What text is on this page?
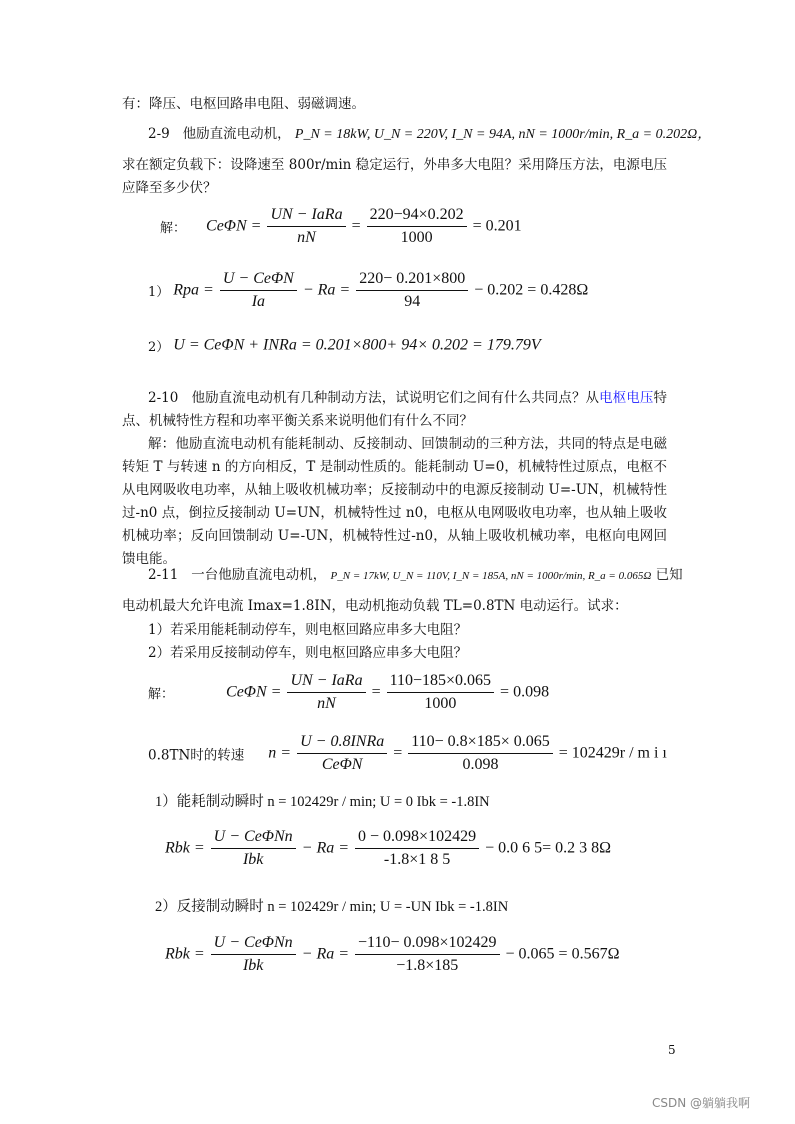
有：降压、电枢回路串电阻、弱磁调速。
2-9 他励直流电动机， P_N = 18kW, U_N = 220V, I_N = 94A, nN = 1000r/min, R_a = 0.202Ω，
求在额定负载下：设降速至 800r/min 稳定运行，外串多大电阻？采用降压方法，电源电压应降至多少伏？
解： $Ce\Phi N = \frac{\text{UN − IaRa}}{nN} = \frac{220-94\times 0.202}{1000} = 0.201$
1） Rpa = $\frac{\text{U − CeΦN}}{Ia} - Ra = \frac{220- 0.201\times 800}{94} - 0.202 = 0.428\Omega$
2） U = CeΦN + INRa = 0.201×800+ 94× 0.202 = 179.79V
2-10 他励直流电动机有几种制动方法，试说明它们之间有什么共同点？从电枢电压特点、机械特性方程和功率平衡关系来说明他们有什么不同？
解：他励直流电动机有能耗制动、反接制动、回馈制动的三种方法，共同的特点是电磁转矩 T 与转速 n 的方向相反，T 是制动性质的。能耗制动 U=0，机械特性过原点，电枢不从电网吸收电功率，从轴上吸收机械功率；反接制动中的电源反接制动 U=-UN，机械特性过-n0 点，倒拉反接制动 U=UN，机械特性过 n0，电枢从电网吸收电功率，也从轴上吸收机械功率；反向回馈制动 U=-UN，机械特性过-n0，从轴上吸收机械功率，电枢向电网回馈电能。
2-11 一台他励直流电动机， P_N = 17kW, U_N = 110V, I_N = 185A, nN = 1000r/min, R_a = 0.065Ω 已知
电动机最大允许电流 Imax=1.8IN，电动机拖动负载 TL=0.8TN 电动运行。试求：
1）若采用能耗制动停车，则电枢回路应串多大电阻？
2）若采用反接制动停车，则电枢回路应串多大电阻？
解：	$Ce\Phi N = \frac{\text{UN − IaRa}}{nN} = \frac{110-185\times 0.065}{1000} = 0.098$
0.8TN时的转速 $n = \frac{\text{U − 0.8INRa}}{\text{CeΦN}} = \frac{110- 0.8\times 185\times 0.065}{0.098} = 102429r / m$ i ı
1）能耗制动瞬时 n = 102429r / min; U = 0 Ibk = -1.8IN
Rbk = $\frac{\text{U − CeΦNn}}{\text{Ibk}} - Ra = \frac{0 - 0.098\times 102429}{-1.8\times 1 8 5} - 0.0$ 6 5= 0.2 3 8Ω
2）反接制动瞬时 n = 102429r / min; U = -UN Ibk = -1.8IN
Rbk = $\frac{\text{U − CeΦNn}}{\text{Ibk}} - Ra = \frac{-110- 0.098\times 102429}{-1.8\times 185} - 0.065 = 0.567\Omega$
5
CSDN @躺躺我啊
